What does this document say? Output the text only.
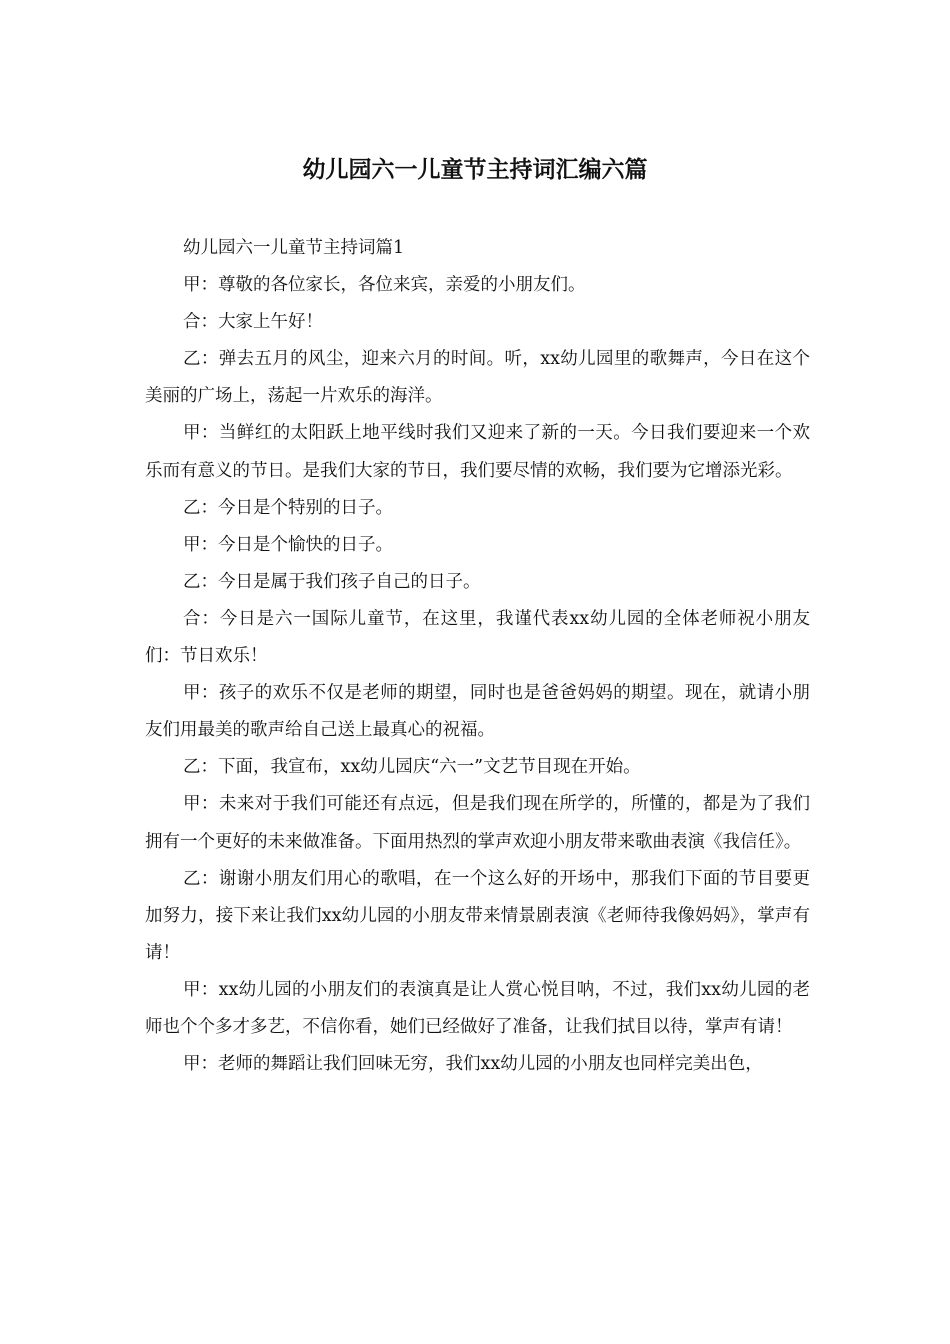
幼儿园六一儿童节主持词汇编六篇

幼儿园六一儿童节主持词篇1

甲：尊敬的各位家长，各位来宾，亲爱的小朋友们。

合：大家上午好！

乙：弹去五月的风尘，迎来六月的时间。听，xx幼儿园里的歌舞声，今日在这个美丽的广场上，荡起一片欢乐的海洋。

甲：当鲜红的太阳跃上地平线时我们又迎来了新的一天。今日我们要迎来一个欢乐而有意义的节日。是我们大家的节日，我们要尽情的欢畅，我们要为它增添光彩。

乙：今日是个特别的日子。

甲：今日是个愉快的日子。

乙：今日是属于我们孩子自己的日子。

合：今日是六一国际儿童节，在这里，我谨代表xx幼儿园的全体老师祝小朋友们：节日欢乐！

甲：孩子的欢乐不仅是老师的期望，同时也是爸爸妈妈的期望。现在，就请小朋友们用最美的歌声给自己送上最真心的祝福。

乙：下面，我宣布，xx幼儿园庆“六一”文艺节目现在开始。

甲：未来对于我们可能还有点远，但是我们现在所学的，所懂的，都是为了我们拥有一个更好的未来做准备。下面用热烈的掌声欢迎小朋友带来歌曲表演《我信任》。

乙：谢谢小朋友们用心的歌唱，在一个这么好的开场中，那我们下面的节目要更加努力，接下来让我们xx幼儿园的小朋友带来情景剧表演《老师待我像妈妈》，掌声有请！

甲：xx幼儿园的小朋友们的表演真是让人赏心悦目呐，不过，我们xx幼儿园的老师也个个多才多艺，不信你看，她们已经做好了准备，让我们拭目以待，掌声有请！

甲：老师的舞蹈让我们回味无穷，我们xx幼儿园的小朋友也同样完美出色，
